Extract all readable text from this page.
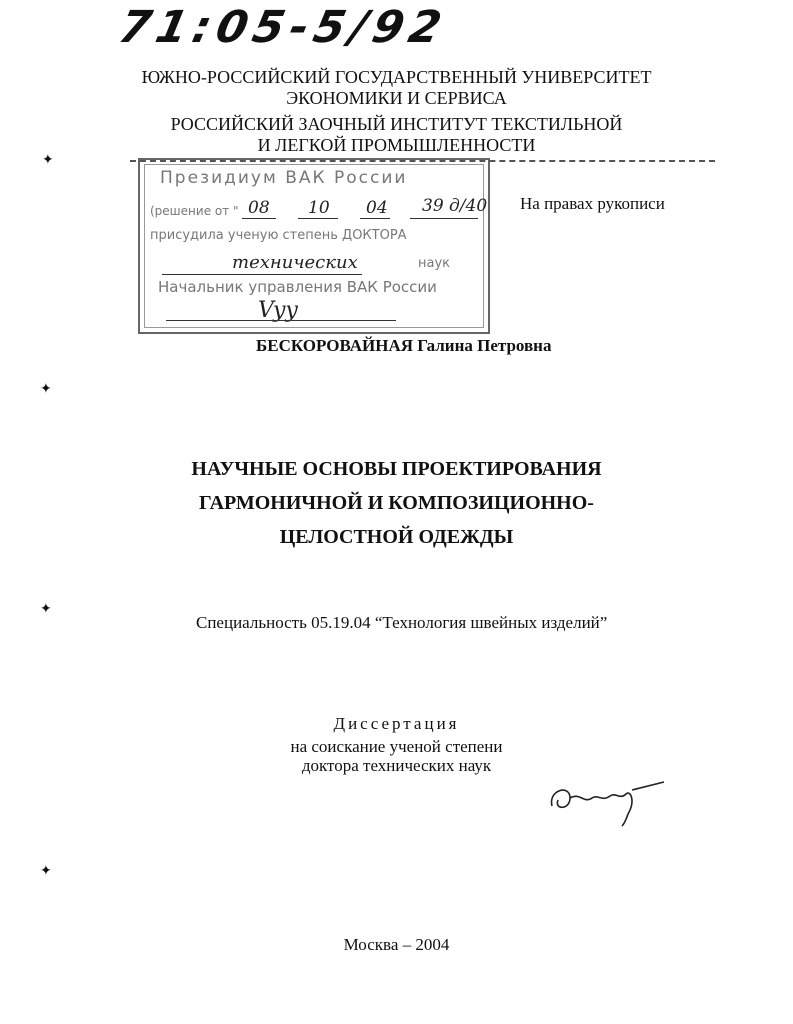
71:05-5/92
ЮЖНО-РОССИЙСКИЙ ГОСУДАРСТВЕННЫЙ УНИВЕРСИТЕТ
ЭКОНОМИКИ И СЕРВИСА
РОССИЙСКИЙ ЗАОЧНЫЙ ИНСТИТУТ ТЕКСТИЛЬНОЙ
И ЛЕГКОЙ ПРОМЫШЛЕННОСТИ
Президиум ВАК России
(решение от " 08 10 04 39 д/40
присудила ученую степень ДОКТОРА
технических	наук
Начальник управления ВАК России
Vyy
На правах рукописи
БЕСКОРОВАЙНАЯ Галина Петровна
НАУЧНЫЕ ОСНОВЫ ПРОЕКТИРОВАНИЯ
ГАРМОНИЧНОЙ И КОМПОЗИЦИОННО-
ЦЕЛОСТНОЙ ОДЕЖДЫ
Специальность 05.19.04 “Технология швейных изделий”
Диссертация
на соискание ученой степени
доктора технических наук
Москва – 2004
✦
✦
✦
✦
